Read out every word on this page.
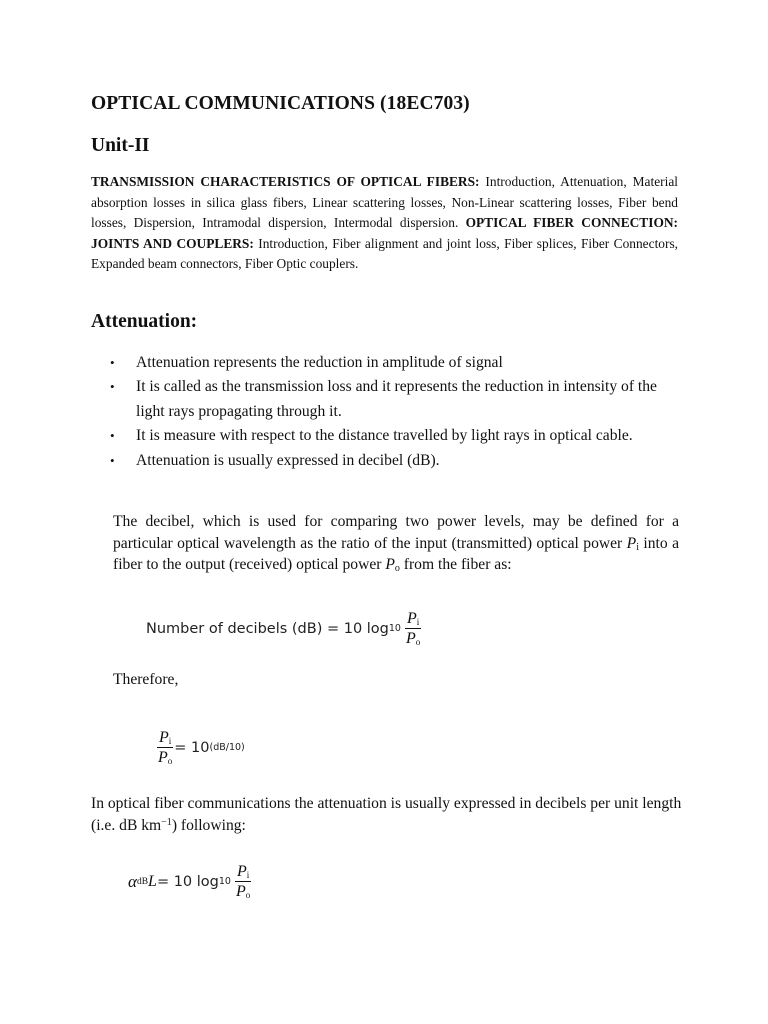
OPTICAL COMMUNICATIONS (18EC703)
Unit-II
TRANSMISSION CHARACTERISTICS OF OPTICAL FIBERS: Introduction, Attenuation, Material absorption losses in silica glass fibers, Linear scattering losses, Non-Linear scattering losses, Fiber bend losses, Dispersion, Intramodal dispersion, Intermodal dispersion. OPTICAL FIBER CONNECTION: JOINTS AND COUPLERS: Introduction, Fiber alignment and joint loss, Fiber splices, Fiber Connectors, Expanded beam connectors, Fiber Optic couplers.
Attenuation:
• Attenuation represents the reduction in amplitude of signal
• It is called as the transmission loss and it represents the reduction in intensity of the light rays propagating through it.
• It is measure with respect to the distance travelled by light rays in optical cable.
• Attenuation is usually expressed in decibel (dB).
The decibel, which is used for comparing two power levels, may be defined for a particular optical wavelength as the ratio of the input (transmitted) optical power $P_i$ into a fiber to the output (received) optical power $P_o$ from the fiber as:
Number of decibels (dB) = 10 $\log 10 \frac{P_i}{P_o}$
Therefore,
$\frac{P_i}{P_o} = 10$ (dB/10)
In optical fiber communications the attenuation is usually expressed in decibels per unit length (i.e. dB $km^{-1}$) following:
α dB L = 10 $\log 10 \frac{P_i}{P_o}$
